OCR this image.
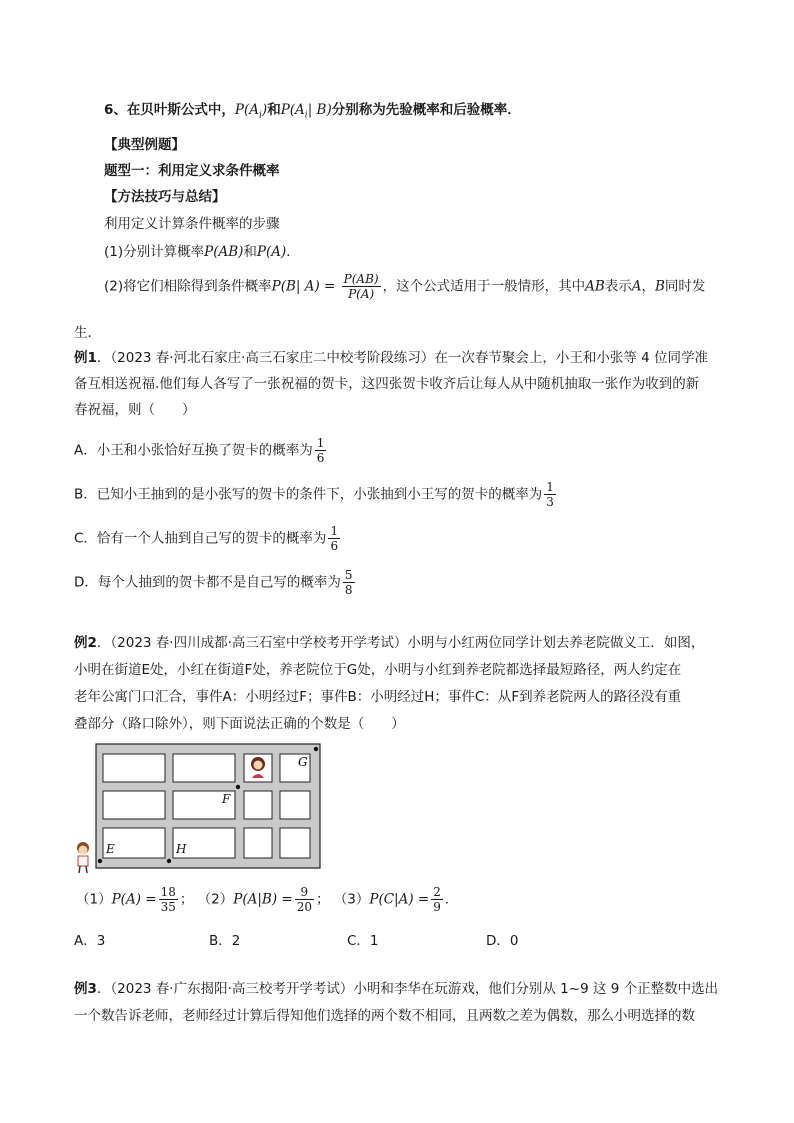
6、在贝叶斯公式中，$P(A_i)$和$P(A_i|$ B)分别称为先验概率和后验概率．
【典型例题】
题型一：利用定义求条件概率
【方法技巧与总结】
利用定义计算条件概率的步骤
(1)分别计算概率P(AB)和P(A)．
(2)将它们相除得到条件概率P(B| $A) = \frac{P(AB)}{P(A)}$ ，这个公式适用于一般情形，其中AB表示A，B同时发
生．
例1．（2023 春·河北石家庄·高三石家庄二中校考阶段练习）在一次春节聚会上，小王和小张等 4 位同学准
备互相送祝福.他们每人各写了一张祝福的贺卡，这四张贺卡收齐后让每人从中随机抽取一张作为收到的新
春祝福，则（　　）
A．小王和小张恰好互换了贺卡的概率为 $\frac{1}{6}$
B．已知小王抽到的是小张写的贺卡的条件下，小张抽到小王写的贺卡的概率为 $\frac{1}{3}$
C．恰有一个人抽到自己写的贺卡的概率为 $\frac{1}{6}$
D．每个人抽到的贺卡都不是自己写的概率为 $\frac{5}{8}$
例2．（2023 春·四川成都·高三石室中学校考开学考试）小明与小红两位同学计划去养老院做义工．如图，
小明在街道E处，小红在街道F处，养老院位于G处，小明与小红到养老院都选择最短路径，两人约定在
老年公寓门口汇合，事件A：小明经过F；事件B：小明经过H；事件C：从F到养老院两人的路径没有重
叠部分（路口除外），则下面说法正确的个数是（　　）
G
F
E	H
$(1)P(A) = \frac{18}{35}$ ； $(2)P(A|B) = \frac{9}{20}$ ； $(3)P(C|A) = \frac{2}{9}$ ．
A．3	B．2	C．1	D．0
例3．（2023 春·广东揭阳·高三校考开学考试）小明和李华在玩游戏，他们分别从 1~9 这 9 个正整数中选出
一个数告诉老师，老师经过计算后得知他们选择的两个数不相同，且两数之差为偶数，那么小明选择的数
